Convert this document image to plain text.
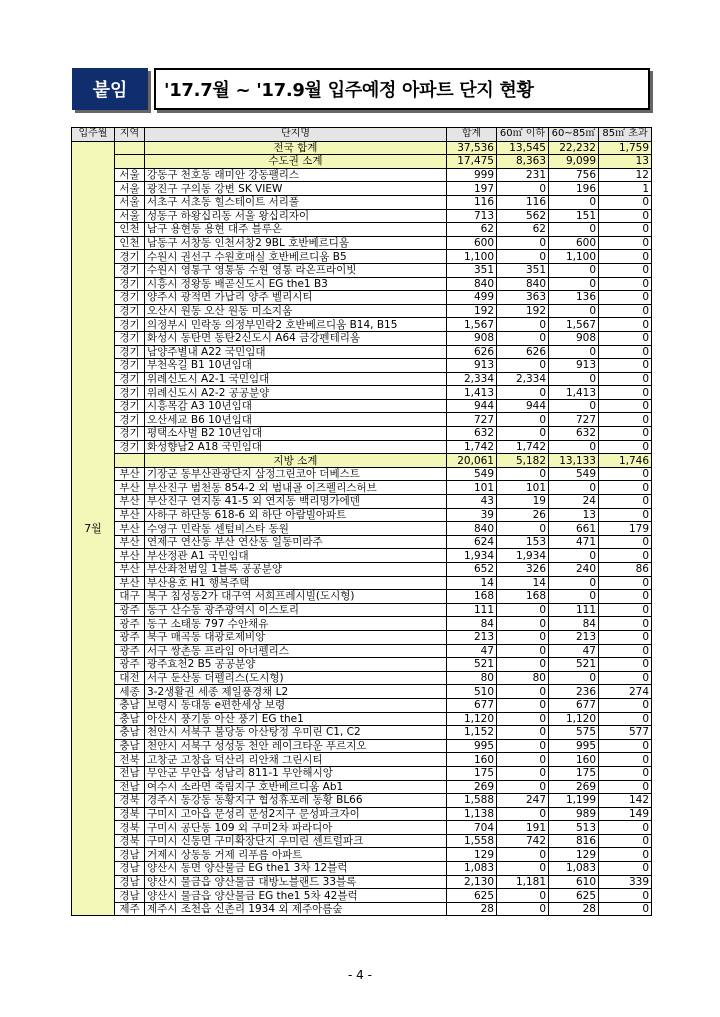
붙임	'17.7월 ~ '17.9월 입주예정 아파트 단지 현황
입주월	지역	단지명	합계	60㎡ 이하	60~85㎡	85㎡ 초과
7월		전국 합계	37,536	13,545	22,232	1,759
		수도권 소계	17,475	8,363	9,099	13
	서울	강동구 천호동 래미안 강동팰리스	999	231	756	12
	서울	광진구 구의동 강변 SK VIEW	197	0	196	1
	서울	서초구 서초동 힐스테이트 서리풀	116	116	0	0
	서울	성동구 하왕십리동 서울 왕십리자이	713	562	151	0
	인천	남구 용현동 용현 대주 블루온	62	62	0	0
	인천	남동구 서창동 인천서창2 9BL 호반베르디움	600	0	600	0
	경기	수원시 권선구 수원호매실 호반베르디움 B5	1,100	0	1,100	0
	경기	수원시 영통구 영통동 수원 영통 라온프라이빗	351	351	0	0
	경기	시흥시 정왕동 배곧신도시 EG the1 B3	840	840	0	0
	경기	양주시 광적면 가납리 양주 벨리시티	499	363	136	0
	경기	오산시 원동 오산 원동 미소지움	192	192	0	0
	경기	의정부시 민락동 의정부민락2 호반베르디움 B14, B15	1,567	0	1,567	0
	경기	화성시 동탄면 동탄2신도시 A64 금강펜테리움	908	0	908	0
	경기	남양주별내 A22 국민임대	626	626	0	0
	경기	부천옥길 B1 10년임대	913	0	913	0
	경기	위례신도시 A2-1 국민임대	2,334	2,334	0	0
	경기	위례신도시 A2-2 공공분양	1,413	0	1,413	0
	경기	시흥목감 A3 10년임대	944	944	0	0
	경기	오산세교 B6 10년임대	727	0	727	0
	경기	평택소사벌 B2 10년임대	632	0	632	0
	경기	화성향남2 A18 국민임대	1,742	1,742	0	0
		지방 소계	20,061	5,182	13,133	1,746
	부산	기장군 동부산관광단지 삼정그린코아 더베스트	549	0	549	0
	부산	부산진구 범천동 854-2 외 범내골 이즈펠리스허브	101	101	0	0
	부산	부산진구 연지동 41-5 외 연지동 백리명가에덴	43	19	24	0
	부산	사하구 하단동 618-6 외 하단 아람빌아파트	39	26	13	0
	부산	수영구 민락동 센텀비스타 동원	840	0	661	179
	부산	연제구 연산동 부산 연산동 일동미라주	624	153	471	0
	부산	부산정관 A1 국민임대	1,934	1,934	0	0
	부산	부산좌천범일 1블록 공공분양	652	326	240	86
	부산	부산용호 H1 행복주택	14	14	0	0
	대구	북구 침성동2가 대구역 서희프레시빌(도시형)	168	168	0	0
	광주	동구 산수동 광주광역시 이스토리	111	0	111	0
	광주	동구 소태동 797 수안채유	84	0	84	0
	광주	북구 매곡동 대광로제비앙	213	0	213	0
	광주	서구 쌍촌동 프라임 아너펠리스	47	0	47	0
	광주	광주효천2 B5 공공분양	521	0	521	0
	대전	서구 둔산동 더펠리스(도시형)	80	80	0	0
	세종	3-2생활권 세종 제일풍경채 L2	510	0	236	274
	충남	보령시 동대동 e편한세상 보령	677	0	677	0
	충남	아산시 풍기동 아산 풍기 EG the1	1,120	0	1,120	0
	충남	천안시 서북구 불당동 아산탕정 우미린 C1, C2	1,152	0	575	577
	충남	천안시 서북구 성성동 천안 레이크타운 푸르지오	995	0	995	0
	전북	고창군 고창읍 덕산리 리안채 그린시티	160	0	160	0
	전남	무안군 무안읍 성남리 811-1 무안해시앙	175	0	175	0
	전남	여수시 소라면 죽림지구 호반베르디움 Ab1	269	0	269	0
	경북	경주시 동강동 동황지구 협성휴포레 동황 BL66	1,588	247	1,199	142
	경북	구미시 고아읍 문성리 문성2지구 문성파크자이	1,138	0	989	149
	경북	구미시 공단동 109 외 구미2차 파라디아	704	191	513	0
	경북	구미시 신동면 구미확장단지 우미린 센트럴파크	1,558	742	816	0
	경남	거제시 상동동 거제 리푸름 아파트	129	0	129	0
	경남	양산시 동면 양산물금 EG the1 3차 12블럭	1,083	0	1,083	0
	경남	양산시 물금읍 양산물금 대방노블랜드 33블록	2,130	1,181	610	339
	경남	양산시 물금읍 양산물금 EG the1 5차 42블럭	625	0	625	0
	제주	제주시 조천읍 신촌리 1934 외 제주아름숲	28	0	28	0
- 4 -
